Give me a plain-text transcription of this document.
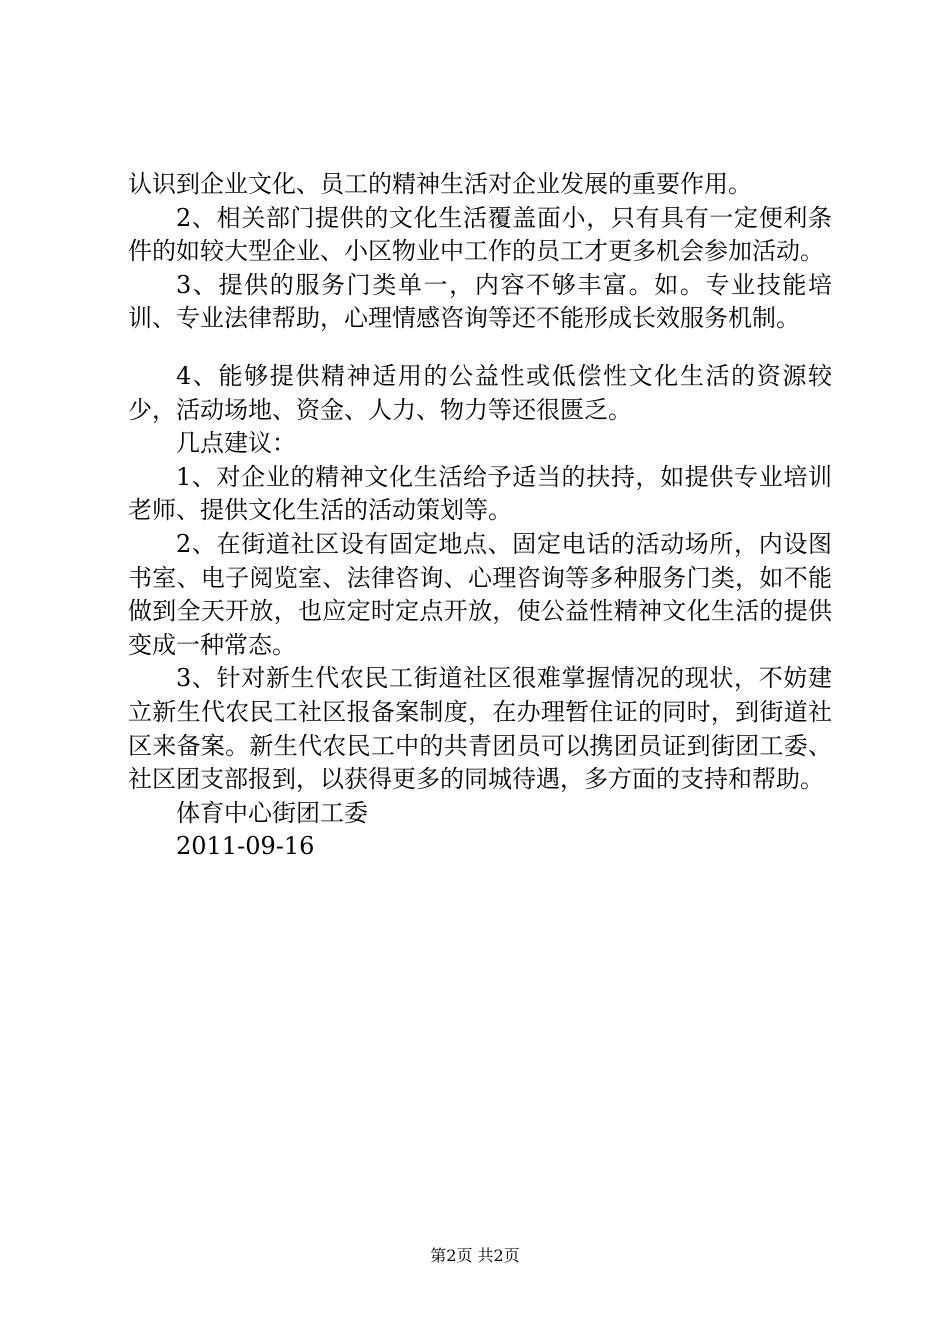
认识到企业文化、员工的精神生活对企业发展的重要作用。

2、相关部门提供的文化生活覆盖面小，只有具有一定便利条件的如较大型企业、小区物业中工作的员工才更多机会参加活动。

3、提供的服务门类单一，内容不够丰富。如。专业技能培训、专业法律帮助，心理情感咨询等还不能形成长效服务机制。

4、能够提供精神适用的公益性或低偿性文化生活的资源较少，活动场地、资金、人力、物力等还很匮乏。

几点建议：

1、对企业的精神文化生活给予适当的扶持，如提供专业培训老师、提供文化生活的活动策划等。

2、在街道社区设有固定地点、固定电话的活动场所，内设图书室、电子阅览室、法律咨询、心理咨询等多种服务门类，如不能做到全天开放，也应定时定点开放，使公益性精神文化生活的提供变成一种常态。

3、针对新生代农民工街道社区很难掌握情况的现状，不妨建立新生代农民工社区报备案制度，在办理暂住证的同时，到街道社区来备案。新生代农民工中的共青团员可以携团员证到街团工委、社区团支部报到，以获得更多的同城待遇，多方面的支持和帮助。

体育中心街团工委

2011-09-16

第2页 共2页
